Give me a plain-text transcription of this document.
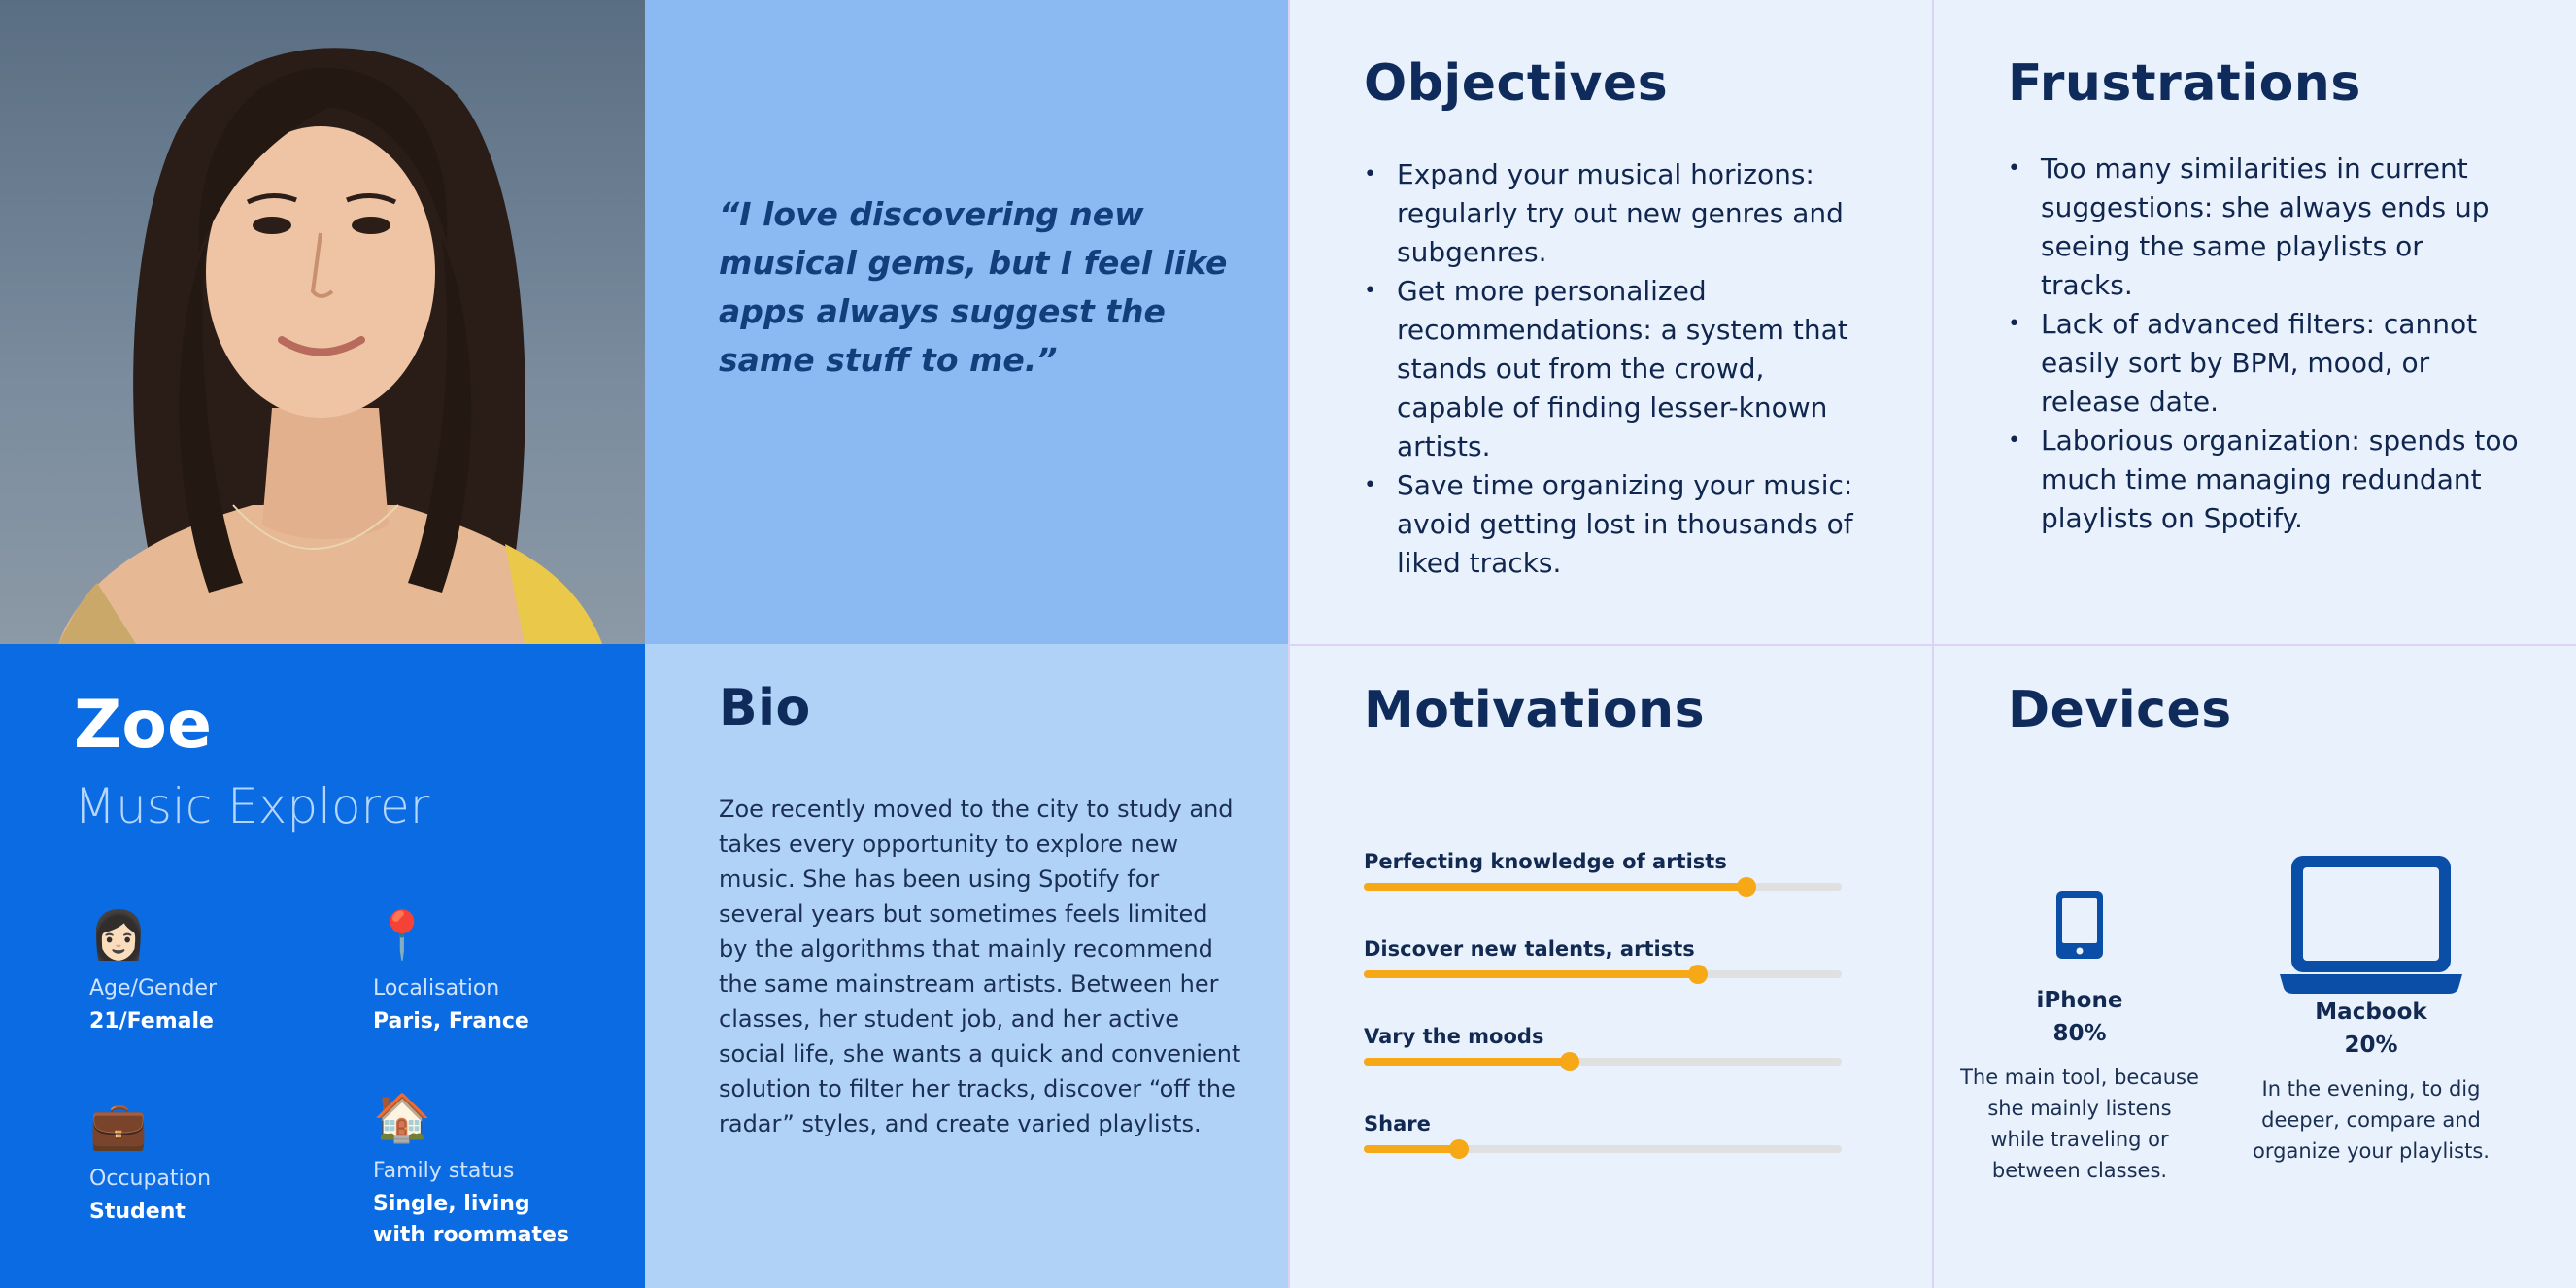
“I love discovering new musical gems, but I feel like apps always suggest the same stuff to me.”

Objectives
• Expand your musical horizons: regularly try out new genres and subgenres.
• Get more personalized recommendations: a system that stands out from the crowd, capable of finding lesser-known artists.
• Save time organizing your music: avoid getting lost in thousands of liked tracks.
Frustrations
• Too many similarities in current suggestions: she always ends up seeing the same playlists or tracks.
• Lack of advanced filters: cannot easily sort by BPM, mood, or release date.
• Laborious organization: spends too much time managing redundant playlists on Spotify.
Zoe
Music Explorer
👩🏻
Age/Gender
21/Female
📍
Localisation
Paris, France
💼
Occupation
Student
🏠
Family status
Single, living
with roommates
Bio

Zoe recently moved to the city to study and takes every opportunity to explore new music. She has been using Spotify for several years but sometimes feels limited by the algorithms that mainly recommend the same mainstream artists. Between her classes, her student job, and her active social life, she wants a quick and convenient solution to filter her tracks, discover “off the radar” styles, and create varied playlists.

Motivations
Perfecting knowledge of artists
Discover new talents, artists
Vary the moods
Share
Devices
iPhone
80%
The main tool, because
she mainly listens
while traveling or
between classes.
Macbook
20%
In the evening, to dig
deeper, compare and
organize your playlists.
